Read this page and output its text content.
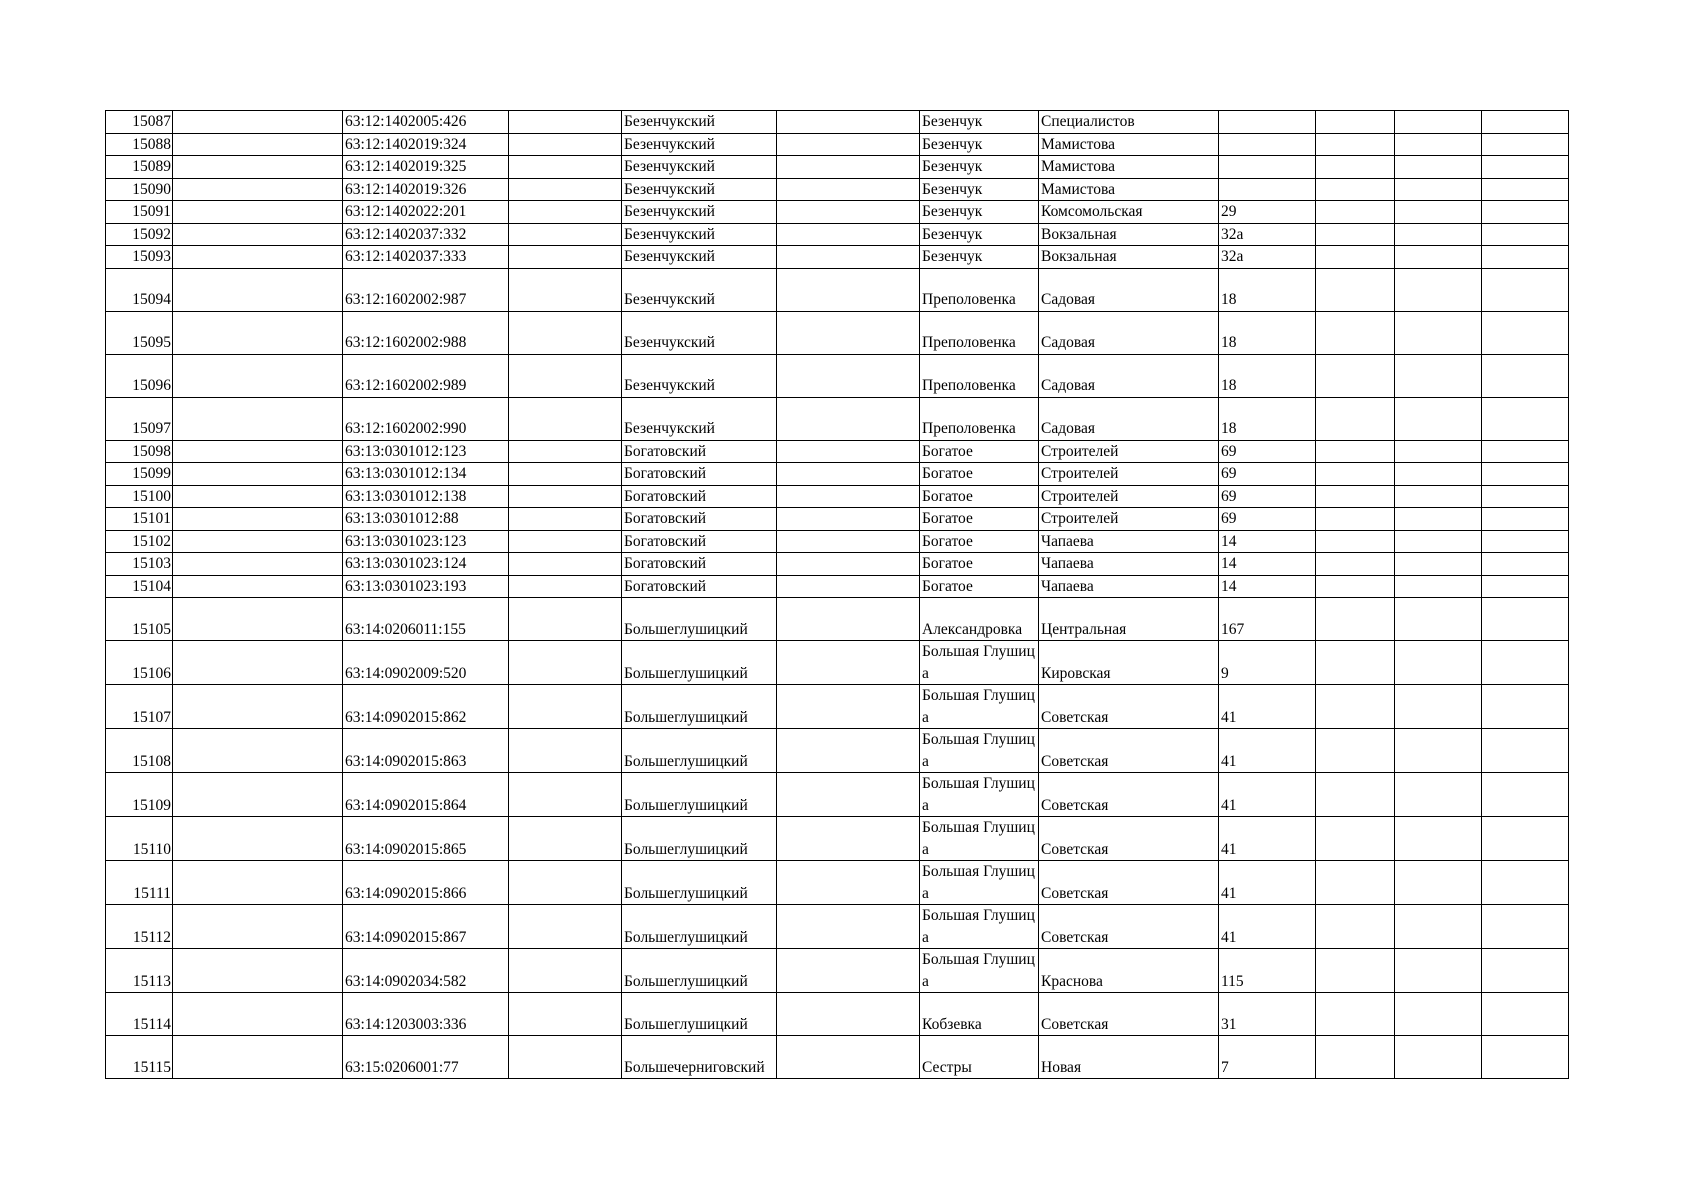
15087		63:12:1402005:426		Безенчукский		Безенчук	Специалистов				
15088		63:12:1402019:324		Безенчукский		Безенчук	Мамистова				
15089		63:12:1402019:325		Безенчукский		Безенчук	Мамистова				
15090		63:12:1402019:326		Безенчукский		Безенчук	Мамистова				
15091		63:12:1402022:201		Безенчукский		Безенчук	Комсомольская	29			
15092		63:12:1402037:332		Безенчукский		Безенчук	Вокзальная	32а			
15093		63:12:1402037:333		Безенчукский		Безенчук	Вокзальная	32а			
15094		63:12:1602002:987		Безенчукский		Преполовенка	Садовая	18			
15095		63:12:1602002:988		Безенчукский		Преполовенка	Садовая	18			
15096		63:12:1602002:989		Безенчукский		Преполовенка	Садовая	18			
15097		63:12:1602002:990		Безенчукский		Преполовенка	Садовая	18			
15098		63:13:0301012:123		Богатовский		Богатое	Строителей	69			
15099		63:13:0301012:134		Богатовский		Богатое	Строителей	69			
15100		63:13:0301012:138		Богатовский		Богатое	Строителей	69			
15101		63:13:0301012:88		Богатовский		Богатое	Строителей	69			
15102		63:13:0301023:123		Богатовский		Богатое	Чапаева	14			
15103		63:13:0301023:124		Богатовский		Богатое	Чапаева	14			
15104		63:13:0301023:193		Богатовский		Богатое	Чапаева	14			
15105		63:14:0206011:155		Большеглушицкий		Александровка	Центральная	167			
15106		63:14:0902009:520		Большеглушицкий		Большая Глушица	Кировская	9			
15107		63:14:0902015:862		Большеглушицкий		Большая Глушица	Советская	41			
15108		63:14:0902015:863		Большеглушицкий		Большая Глушица	Советская	41			
15109		63:14:0902015:864		Большеглушицкий		Большая Глушица	Советская	41			
15110		63:14:0902015:865		Большеглушицкий		Большая Глушица	Советская	41			
15111		63:14:0902015:866		Большеглушицкий		Большая Глушица	Советская	41			
15112		63:14:0902015:867		Большеглушицкий		Большая Глушица	Советская	41			
15113		63:14:0902034:582		Большеглушицкий		Большая Глушица	Краснова	115			
15114		63:14:1203003:336		Большеглушицкий		Кобзевка	Советская	31			
15115		63:15:0206001:77		Большечерниговский		Сестры	Новая	7			
